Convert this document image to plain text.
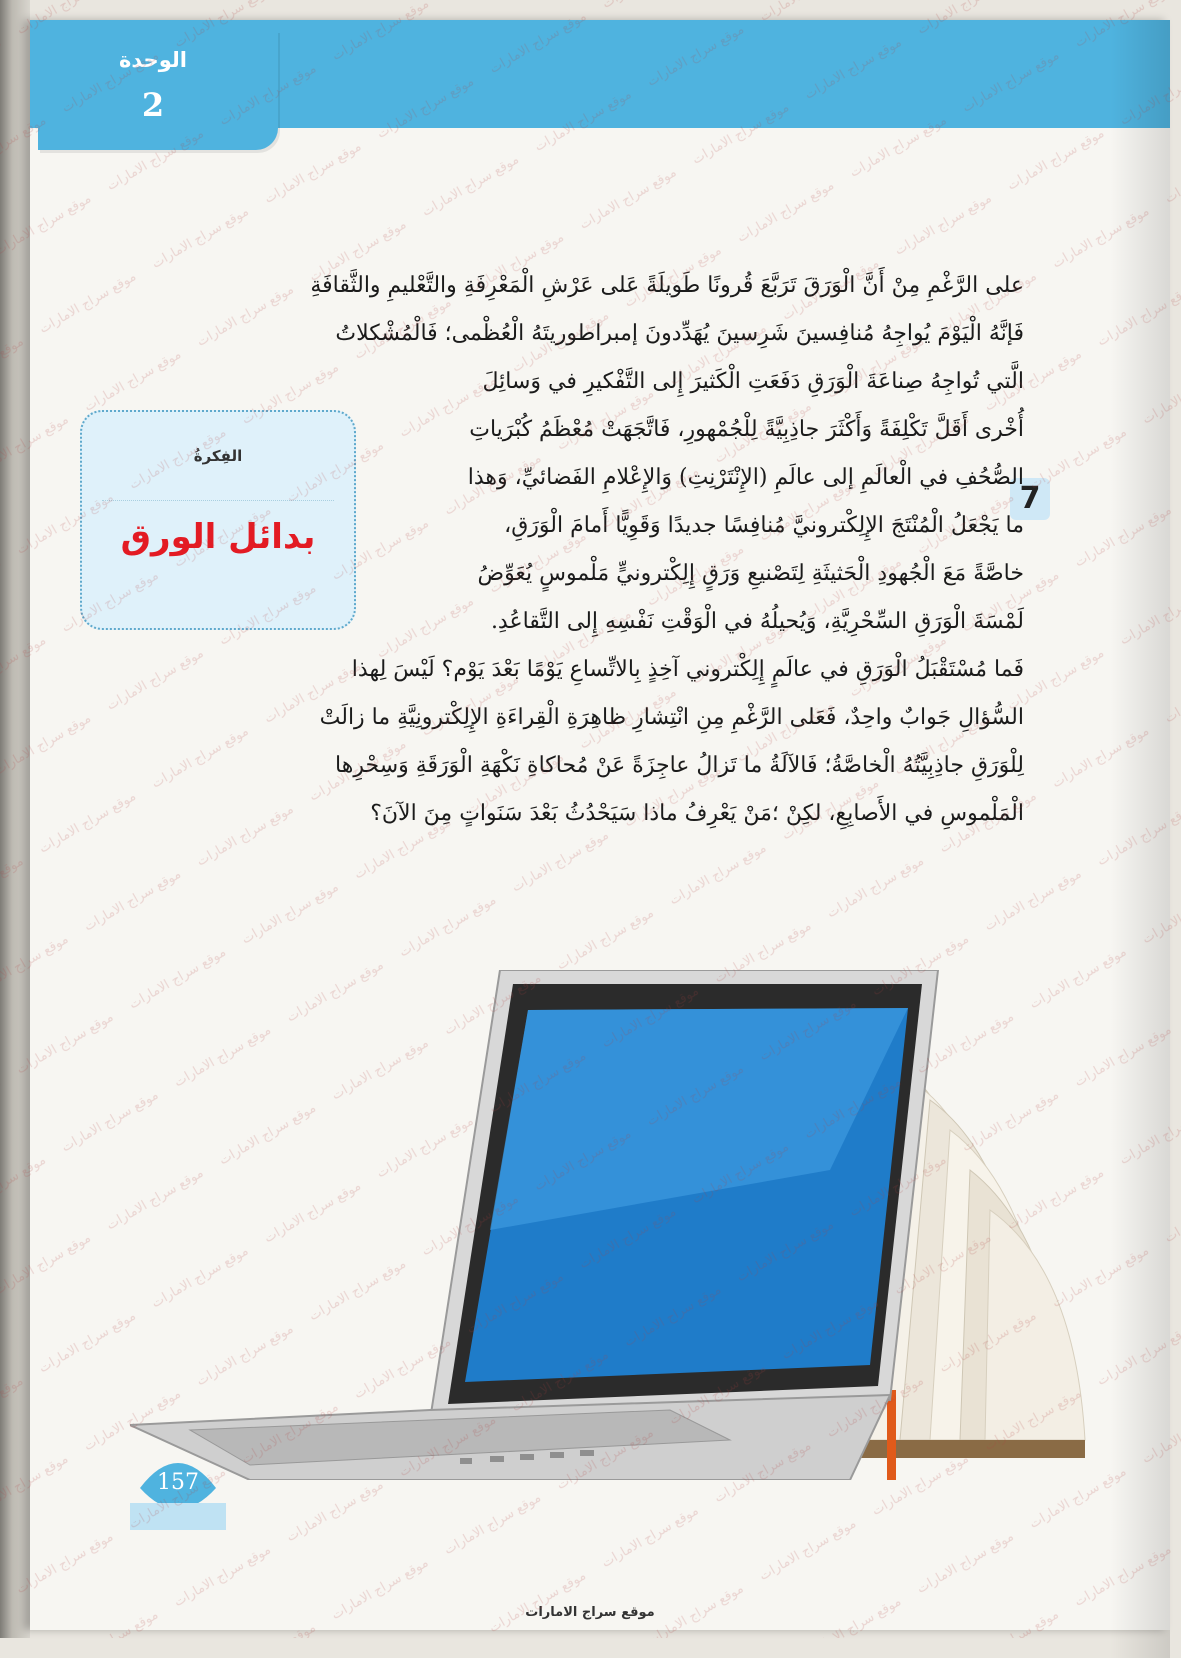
الوحدة
2
الفِكرةُ
بدائل الورق
7
على الرَّغْمِ مِنْ أَنَّ الْوَرَقَ تَرَبَّعَ قُرونًا طَويلَةً عَلى عَرْشِ الْمَعْرِفَةِ والتَّعْليمِ والثَّقافَةِ
فَإنَّهُ الْيَوْمَ يُواجِهُ مُنافِسينَ شَرِسينَ يُهَدِّدونَ إمبراطوريتَهُ الْعُظْمى؛ فَالْمُشْكلاتُ
الَّتي تُواجِهُ صِناعَةَ الْوَرَقِ دَفَعَتِ الْكَثيرَ إِلى التَّفْكيرِ في وَسائِلَ
أُخْرى أَقَلَّ تَكْلِفَةً وَأَكْثَرَ جاذِبِيَّةً لِلْجُمْهورِ، فَاتَّجَهَتْ مُعْظَمُ كُبْرَياتِ
الصُّحُفِ في الْعالَمِ إلى عالَمِ (الإِنْتَرْنِتِ) وَالإِعْلامِ الفَضائيِّ، وَهذا
ما يَجْعَلُ الْمُنْتَجَ الإِلِكْترونيَّ مُنافِسًا جديدًا وَقَوِيًّا أَمامَ الْوَرَقِ،
خاصَّةً مَعَ الْجُهودِ الْحَثيثَةِ لِتَصْنيعِ وَرَقٍ إِلِكْترونيٍّ مَلْموسٍ يُعَوِّضُ
لَمْسَةَ الْوَرَقِ السِّحْرِيَّةِ، وَيُحيلُهُ في الْوَقْتِ نَفْسِهِ إِلى التَّقاعُدِ.
فَما مُسْتَقْبَلُ الْوَرَقِ في عالَمٍ إِلِكْتروني آخِذٍ بِالاتِّساعِ يَوْمًا بَعْدَ يَوْم؟ لَيْسَ لِهذا
السُّؤالِ جَوابٌ واحِدٌ، فَعَلى الرَّغْمِ مِنِ انْتِشارِ ظاهِرَةِ الْقِراءَةِ الإِلِكْترونِيَّةِ ما زالَتْ
لِلْوَرَقِ جاذِبِيَّتُهُ الْخاصَّةُ؛ فَالآلَةُ ما تَزالُ عاجِزَةً عَنْ مُحاكاةِ نَكْهَةِ الْوَرَقَةِ وَسِحْرِها
الْمَلْموسِ في الأَصابِعِ، لكِنْ ؛مَنْ يَعْرِفُ ماذا سَيَحْدُثُ بَعْدَ سَنَواتٍ مِنَ الآنَ؟
157
موقع سراج الامارات
